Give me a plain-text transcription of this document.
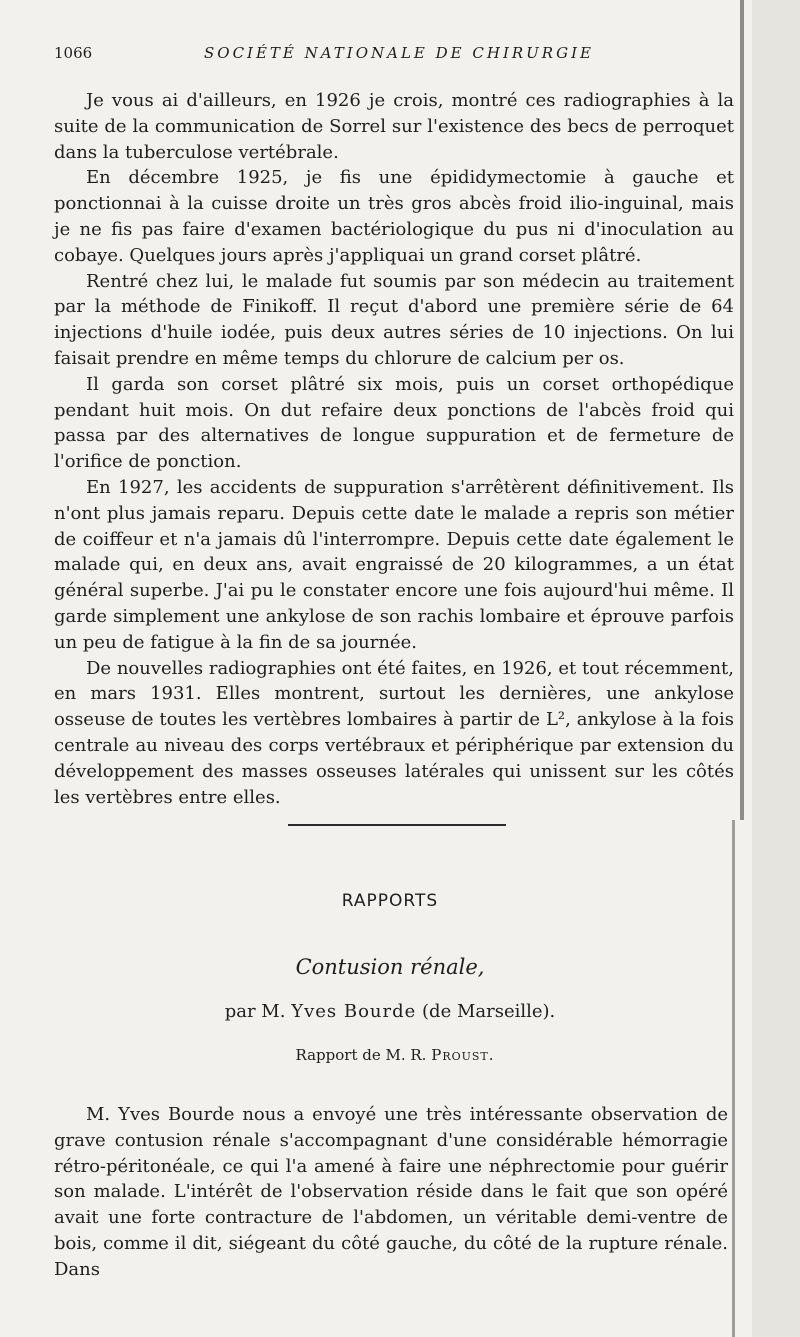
1066	SOCIÉTÉ NATIONALE DE CHIRURGIE

Je vous ai d'ailleurs, en 1926 je crois, montré ces radiographies à la suite de la communication de Sorrel sur l'existence des becs de perroquet dans la tuberculose vertébrale.

En décembre 1925, je fis une épididymectomie à gauche et ponctionnai à la cuisse droite un très gros abcès froid ilio-inguinal, mais je ne fis pas faire d'examen bactériologique du pus ni d'inoculation au cobaye. Quelques jours après j'appliquai un grand corset plâtré.

Rentré chez lui, le malade fut soumis par son médecin au traitement par la méthode de Finikoff. Il reçut d'abord une première série de 64 injections d'huile iodée, puis deux autres séries de 10 injections. On lui faisait prendre en même temps du chlorure de calcium per os.

Il garda son corset plâtré six mois, puis un corset orthopédique pendant huit mois. On dut refaire deux ponctions de l'abcès froid qui passa par des alternatives de longue suppuration et de fermeture de l'orifice de ponction.

En 1927, les accidents de suppuration s'arrêtèrent définitivement. Ils n'ont plus jamais reparu. Depuis cette date le malade a repris son métier de coiffeur et n'a jamais dû l'interrompre. Depuis cette date également le malade qui, en deux ans, avait engraissé de 20 kilogrammes, a un état général superbe. J'ai pu le constater encore une fois aujourd'hui même. Il garde simplement une ankylose de son rachis lombaire et éprouve parfois un peu de fatigue à la fin de sa journée.

De nouvelles radiographies ont été faites, en 1926, et tout récemment, en mars 1931. Elles montrent, surtout les dernières, une ankylose osseuse de toutes les vertèbres lombaires à partir de L², ankylose à la fois centrale au niveau des corps vertébraux et périphérique par extension du développement des masses osseuses latérales qui unissent sur les côtés les vertèbres entre elles.

RAPPORTS
Contusion rénale,
par M. Yves Bourde (de Marseille).
Rapport de M. R. Proust.

M. Yves Bourde nous a envoyé une très intéressante observation de grave contusion rénale s'accompagnant d'une considérable hémorragie rétro-péritonéale, ce qui l'a amené à faire une néphrectomie pour guérir son malade. L'intérêt de l'observation réside dans le fait que son opéré avait une forte contracture de l'abdomen, un véritable demi-ventre de bois, comme il dit, siégeant du côté gauche, du côté de la rupture rénale. Dans
